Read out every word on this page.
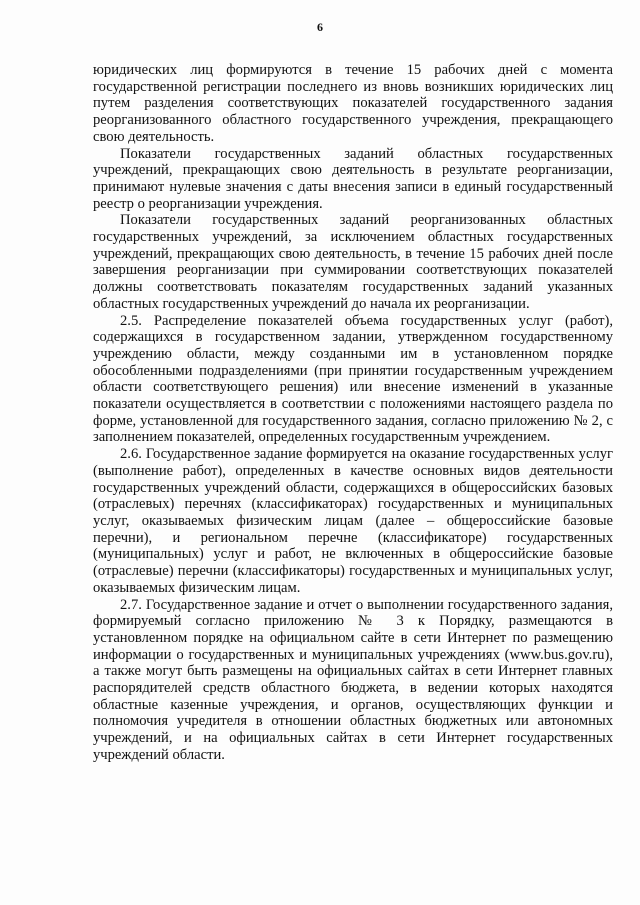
6

юридических лиц формируются в течение 15 рабочих дней с момента государственной регистрации последнего из вновь возникших юридических лиц путем разделения соответствующих показателей государственного задания реорганизованного областного государственного учреждения, прекращающего свою деятельность.

Показатели государственных заданий областных государственных учреждений, прекращающих свою деятельность в результате реорганизации, принимают нулевые значения с даты внесения записи в единый государственный реестр о реорганизации учреждения.

Показатели государственных заданий реорганизованных областных государственных учреждений, за исключением областных государственных учреждений, прекращающих свою деятельность, в течение 15 рабочих дней после завершения реорганизации при суммировании соответствующих показателей должны соответствовать показателям государственных заданий указанных областных государственных учреждений до начала их реорганизации.

2.5. Распределение показателей объема государственных услуг (работ), содержащихся в государственном задании, утвержденном государственному учреждению области, между созданными им в установленном порядке обособленными подразделениями (при принятии государственным учреждением области соответствующего решения) или внесение изменений в указанные показатели осуществляется в соответствии с положениями настоящего раздела по форме, установленной для государственного задания, согласно приложению № 2, с заполнением показателей, определенных государственным учреждением.

2.6. Государственное задание формируется на оказание государственных услуг (выполнение работ), определенных в качестве основных видов деятельности государственных учреждений области, содержащихся в общероссийских базовых (отраслевых) перечнях (классификаторах) государственных и муниципальных услуг, оказываемых физическим лицам (далее – общероссийские базовые перечни), и региональном перечне (классификаторе) государственных (муниципальных) услуг и работ, не включенных в общероссийские базовые (отраслевые) перечни (классификаторы) государственных и муниципальных услуг, оказываемых физическим лицам.

2.7. Государственное задание и отчет о выполнении государственного задания, формируемый согласно приложению № 3 к Порядку, размещаются в установленном порядке на официальном сайте в сети Интернет по размещению информации о государственных и муниципальных учреждениях (www.bus.gov.ru), а также могут быть размещены на официальных сайтах в сети Интернет главных распорядителей средств областного бюджета, в ведении которых находятся областные казенные учреждения, и органов, осуществляющих функции и полномочия учредителя в отношении областных бюджетных или автономных учреждений, и на официальных сайтах в сети Интернет государственных учреждений области.
